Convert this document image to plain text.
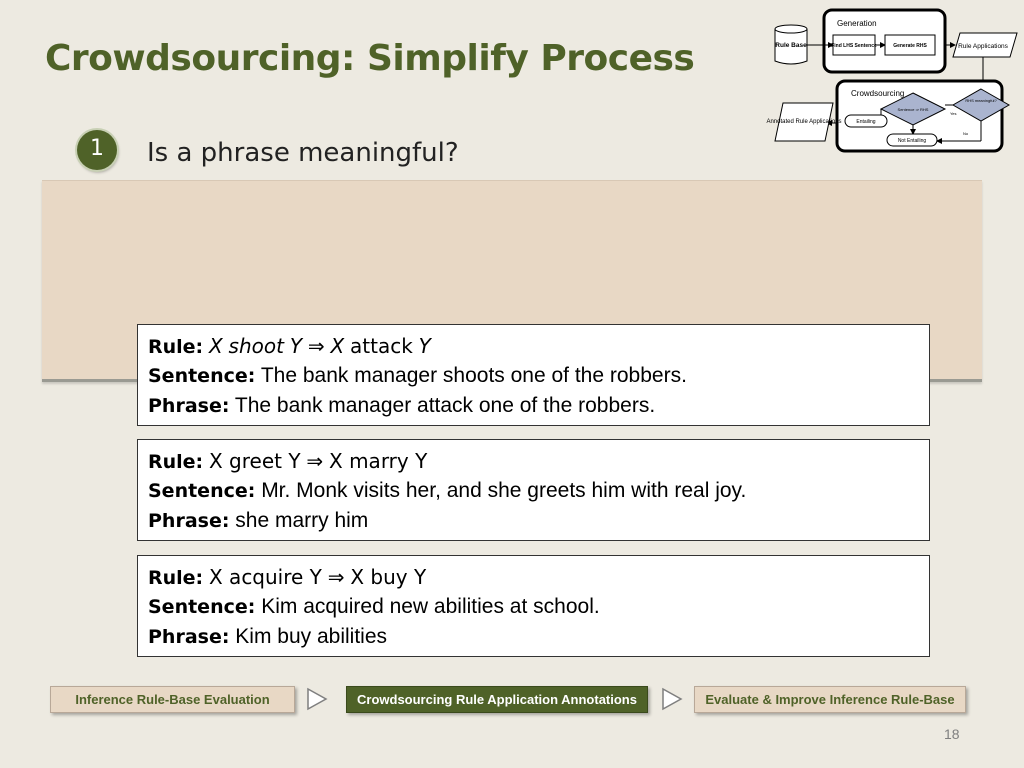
Crowdsourcing: Simplify Process
Generation
Rule Base	Find LHS Sentence	Generate RHS	Rule Applications
Crowdsourcing
RHS meaningful?
Sentence ⇒ RHS
Yes
No
Entailing
Not Entailing
Annotated Rule Applications
1	Is a phrase meaningful?
Rule: X shoot Y ⇒ X attack Y
Sentence: The bank manager shoots one of the robbers.
Phrase: The bank manager attack one of the robbers.
Rule: X greet Y ⇒ X marry Y
Sentence: Mr. Monk visits her, and she greets him with real joy.
Phrase: she marry him
Rule: X acquire Y ⇒ X buy Y
Sentence: Kim acquired new abilities at school.
Phrase: Kim buy abilities
Inference Rule-Base Evaluation	Crowdsourcing Rule Application Annotations	Evaluate & Improve Inference Rule-Base
18
